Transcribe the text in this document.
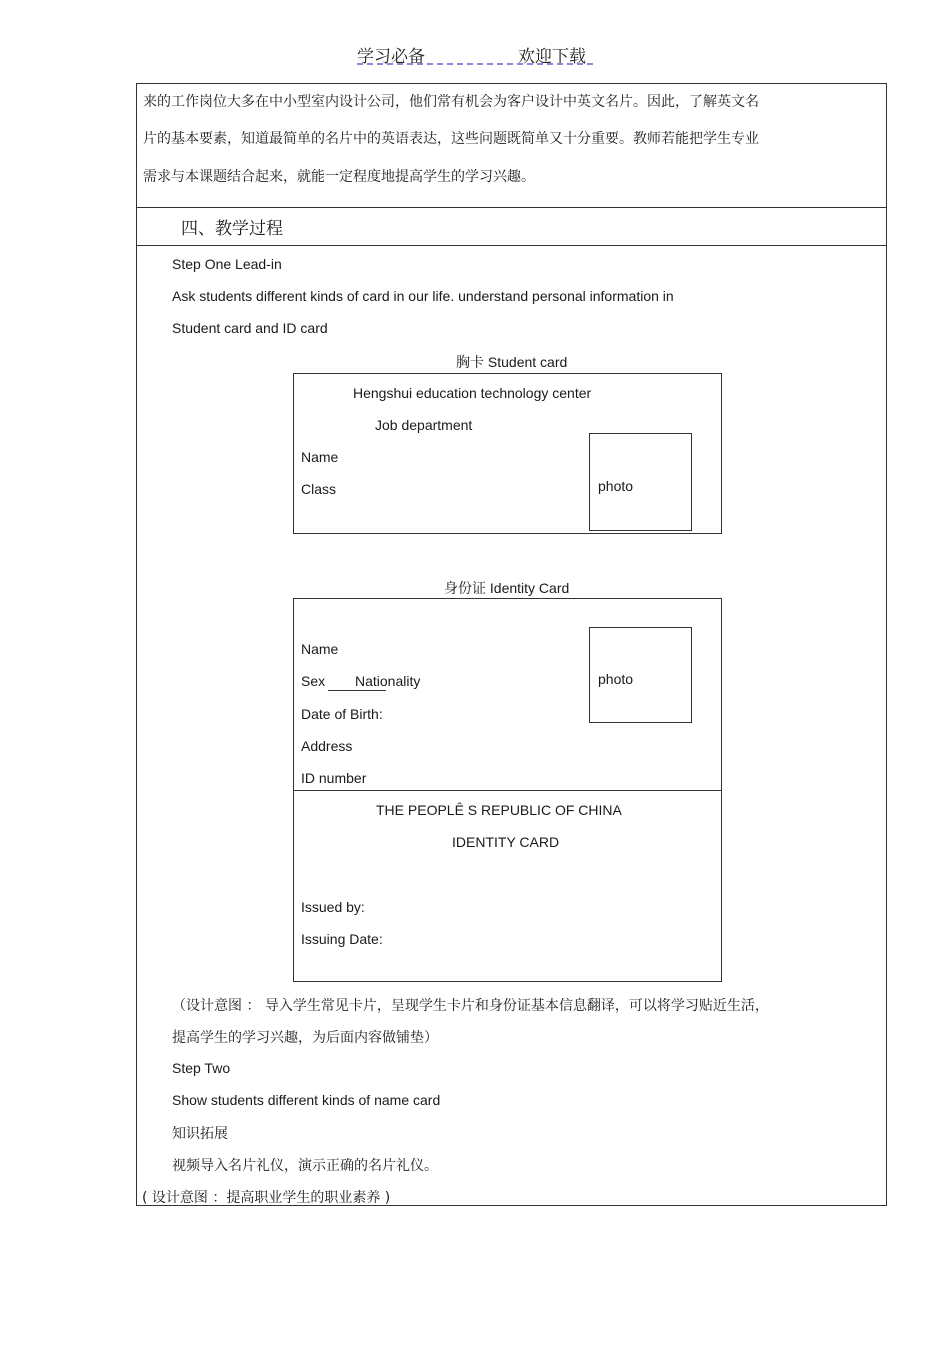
学习必备	欢迎下载
来的工作岗位大多在中小型室内设计公司，他们常有机会为客户设计中英文名片。因此，了解英文名
片的基本要素，知道最简单的名片中的英语表达，这些问题既简单又十分重要。教师若能把学生专业
需求与本课题结合起来，就能一定程度地提高学生的学习兴趣。
四、教学过程
Step One Lead-in
Ask students different kinds of card in our life. understand personal information in
Student card and ID card
胸卡 Student card
Hengshui education technology center
Job department
Name
Class	photo
身份证 Identity Card
Name
Sex Nationality
Date of Birth:
Address
ID number
photo
THE PEOPLȆ S REPUBLIC OF CHINA
IDENTITY CARD
Issued by:
Issuing Date:
（设计意图 ： 导入学生常见卡片，呈现学生卡片和身份证基本信息翻译，可以将学习贴近生活，
提高学生的学习兴趣，为后面内容做铺垫）
Step Two
Show students different kinds of name card
知识拓展
视频导入名片礼仪，演示正确的名片礼仪。
( 设计意图 ：提高职业学生的职业素养 )
